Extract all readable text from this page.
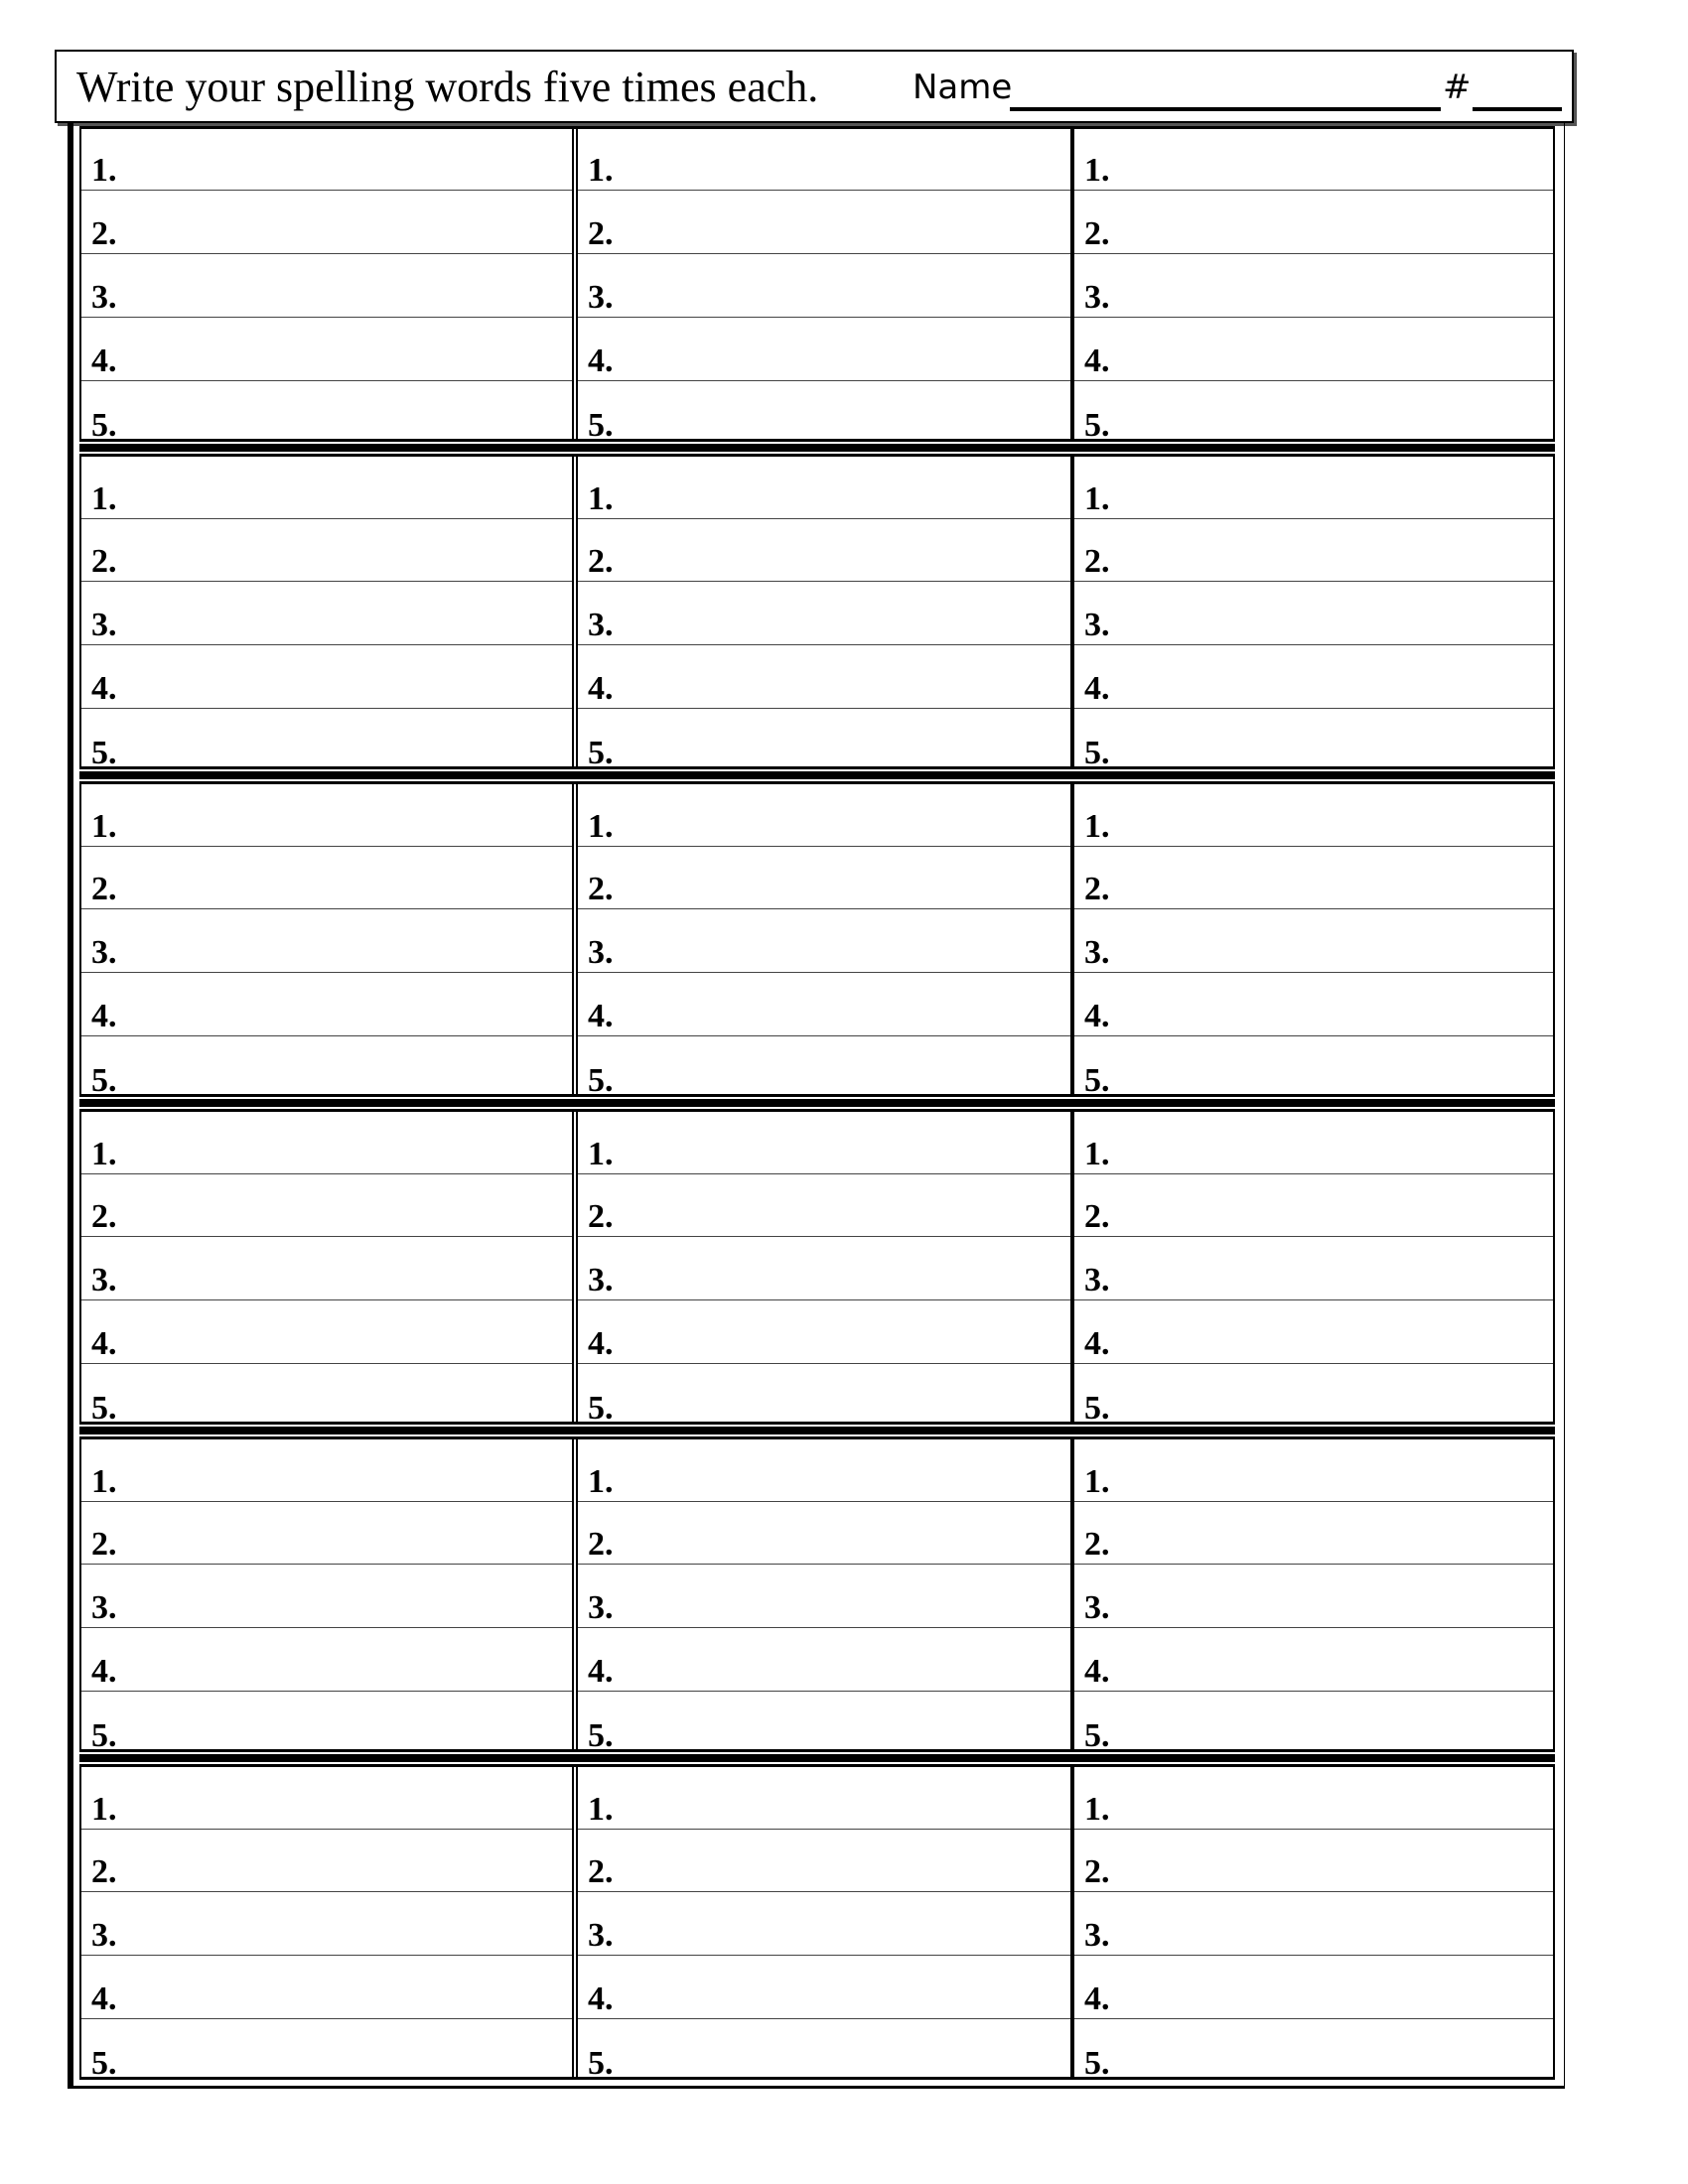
Write your spelling words five times each.	Name	#
1.
2.
3.
4.
5.
1.
2.
3.
4.
5.
1.
2.
3.
4.
5.
1.
2.
3.
4.
5.
1.
2.
3.
4.
5.
1.
2.
3.
4.
5.
1.
2.
3.
4.
5.
1.
2.
3.
4.
5.
1.
2.
3.
4.
5.
1.
2.
3.
4.
5.
1.
2.
3.
4.
5.
1.
2.
3.
4.
5.
1.
2.
3.
4.
5.
1.
2.
3.
4.
5.
1.
2.
3.
4.
5.
1.
2.
3.
4.
5.
1.
2.
3.
4.
5.
1.
2.
3.
4.
5.
